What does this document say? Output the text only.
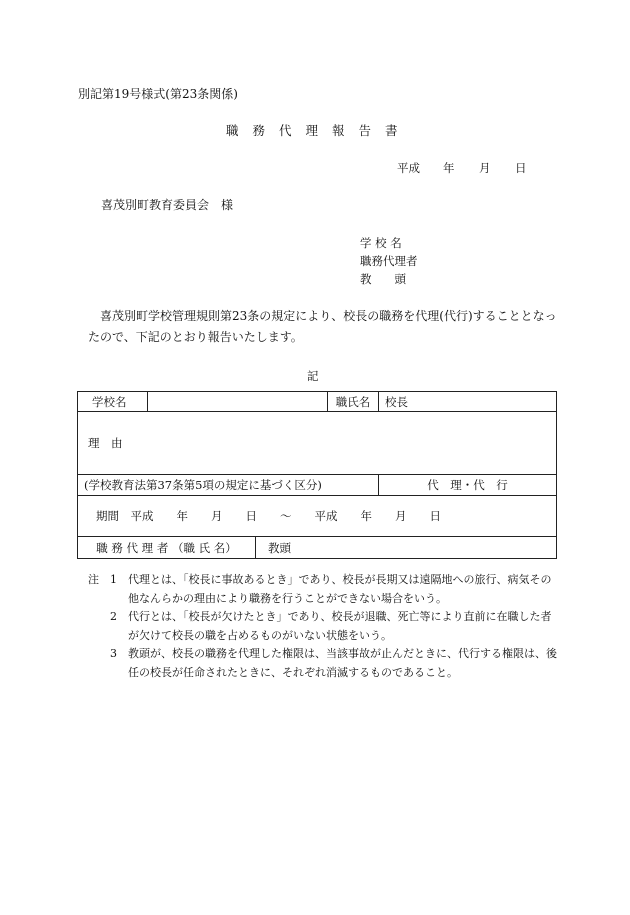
別記第19号様式(第23条関係)
職務代理報告書
平成 年 月 日
喜茂別町教育委員会　様
学 校 名
職務代理者
教　　頭
喜茂別町学校管理規則第23条の規定により、校長の職務を代理(代行)することとなったので、下記のとおり報告いたします。
記
学校名			職氏名	校長
理　由				
(学校教育法第37条第5項の規定に基づく区分)				代　理・代　行
期間　平成　　年　　月　　日　　～　　平成　　年　　月　　日				
職 務 代 理 者 （職 氏 名）		教頭		
注	1	代理とは、「校長に事故あるとき」であり、校長が長期又は遠隔地への旅行、病気その他なんらかの理由により職務を行うことができない場合をいう。
2	代行とは、「校長が欠けたとき」であり、校長が退職、死亡等により直前に在職した者が欠けて校長の職を占めるものがいない状態をいう。
3	教頭が、校長の職務を代理した権限は、当該事故が止んだときに、代行する権限は、後任の校長が任命されたときに、それぞれ消滅するものであること。
